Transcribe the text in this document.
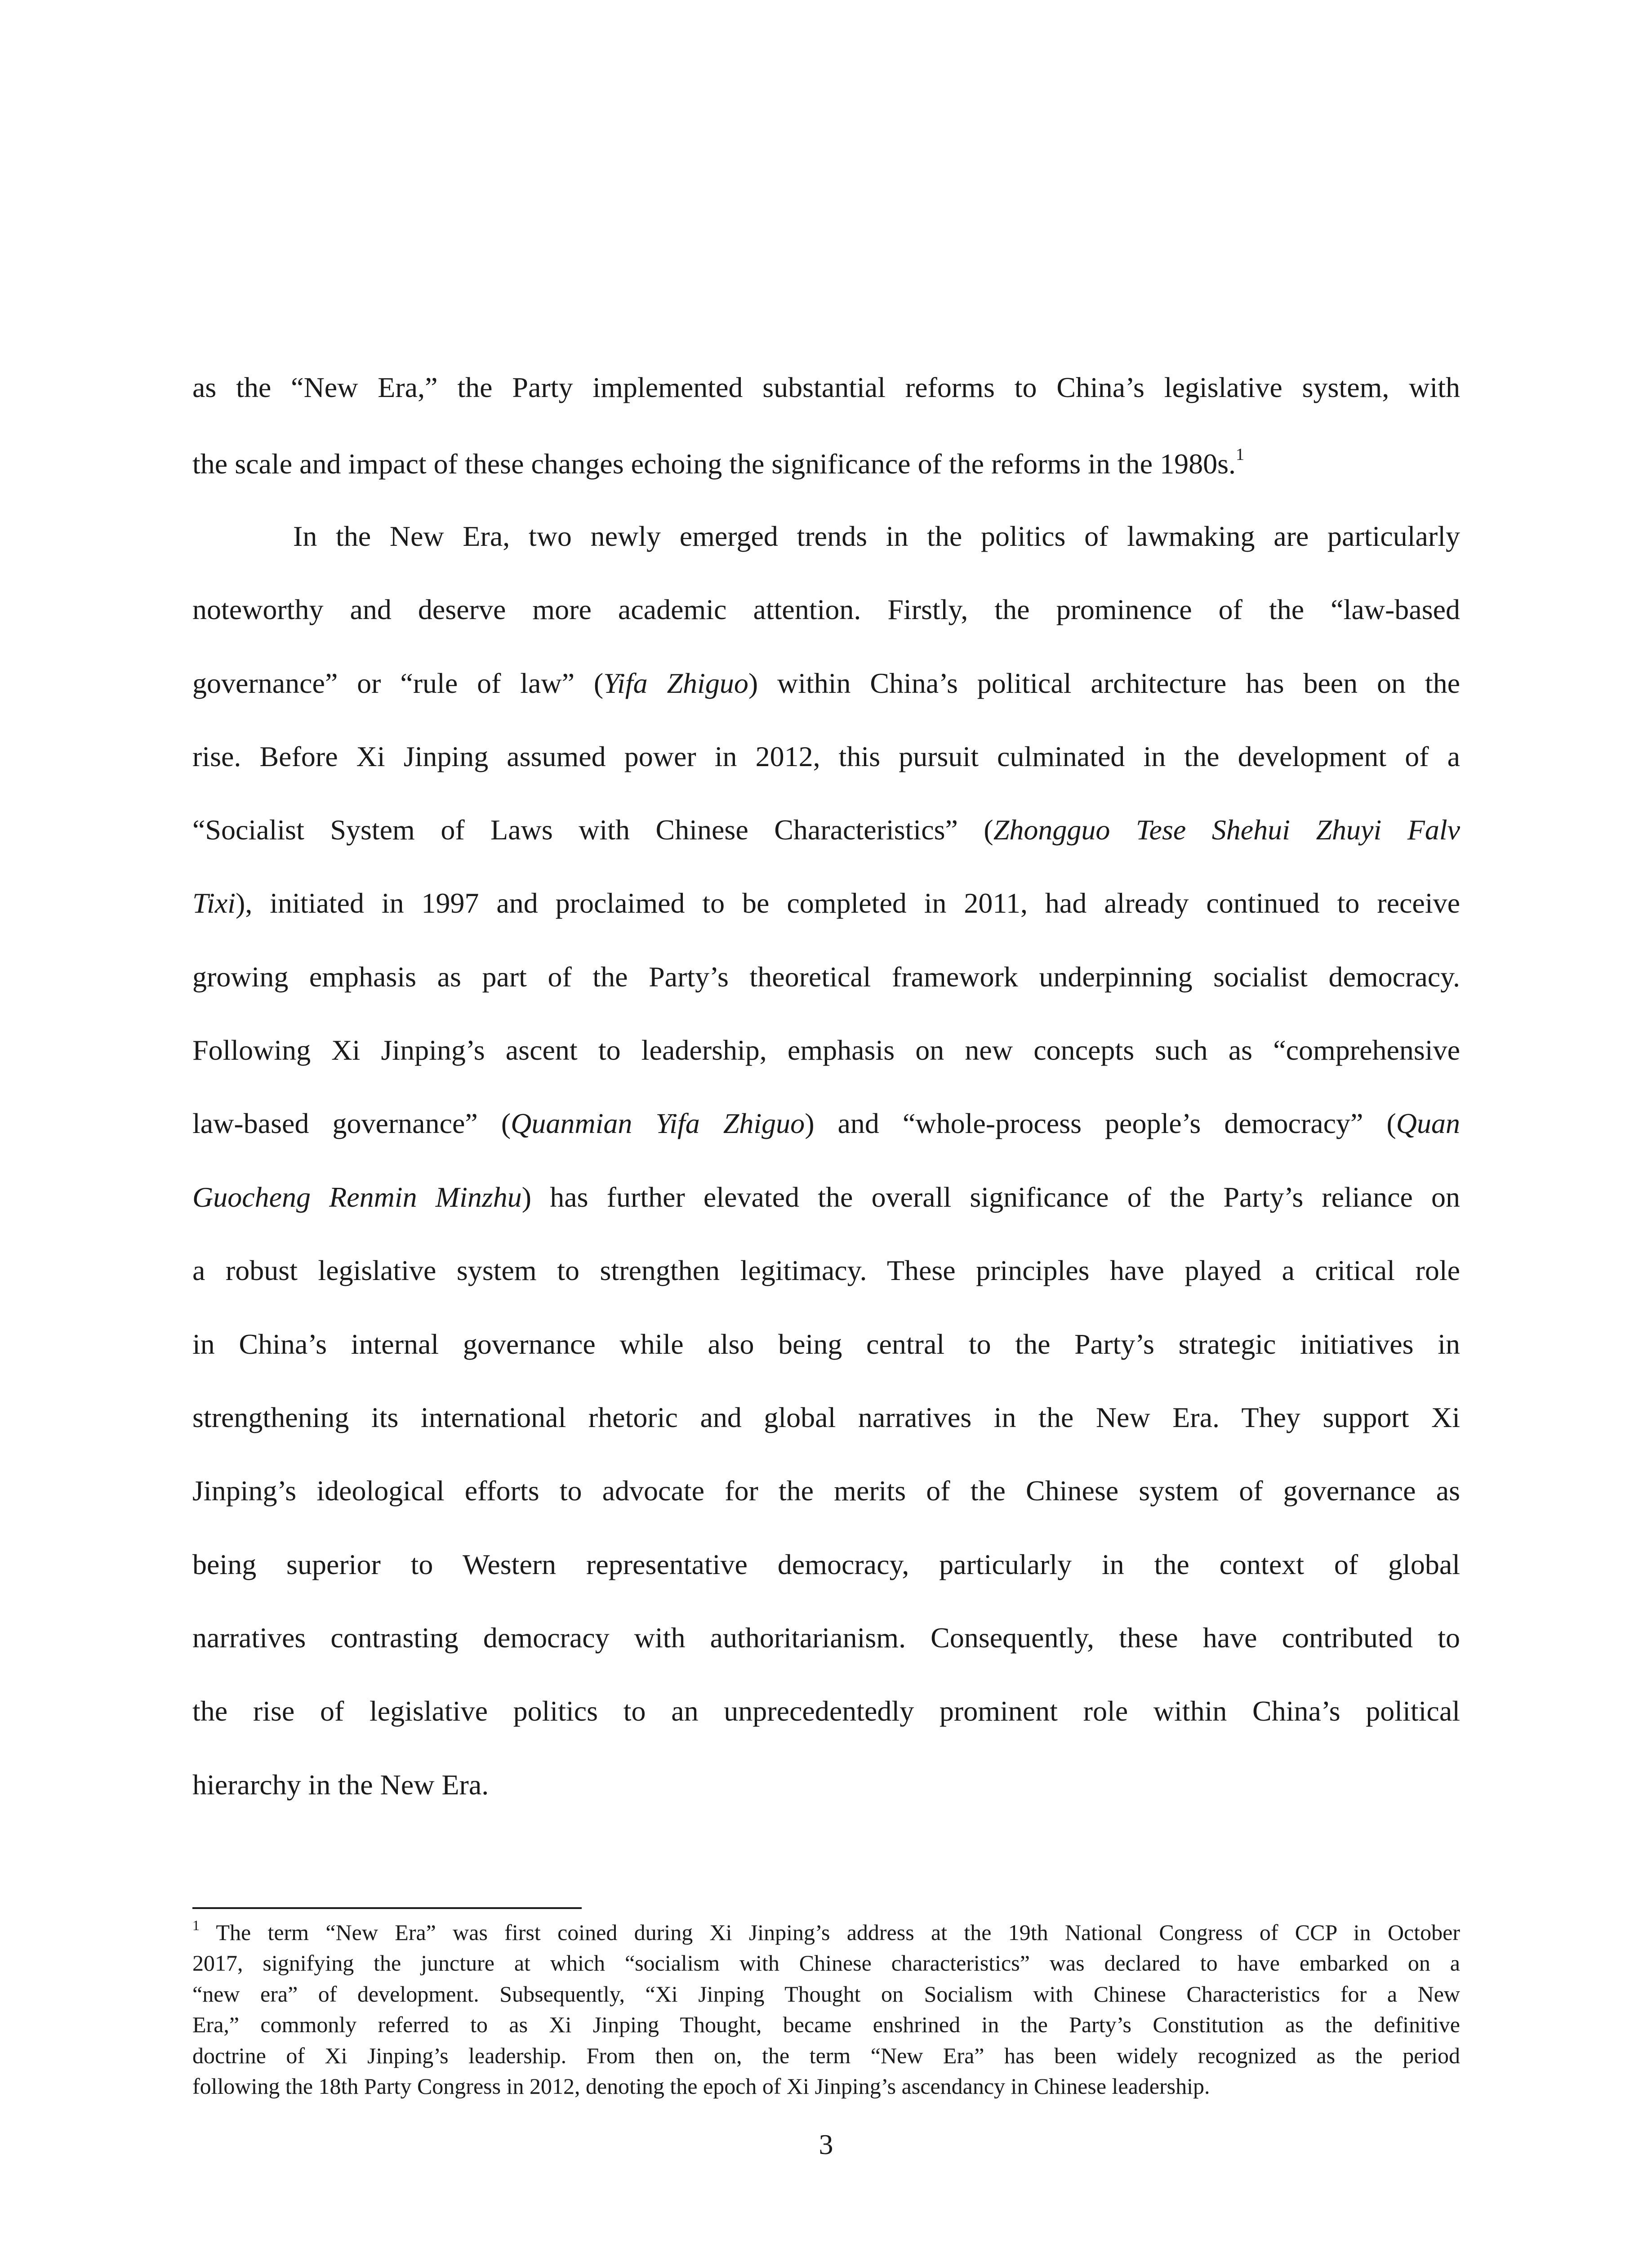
as the “New Era,” the Party implemented substantial reforms to China’s legislative system, with

the scale and impact of these changes echoing the significance of the reforms in the 1980s.$^1$

In the New Era, two newly emerged trends in the politics of lawmaking are particularly

noteworthy and deserve more academic attention. Firstly, the prominence of the “law-based

governance” or “rule of law” (Yifa Zhiguo) within China’s political architecture has been on the

rise. Before Xi Jinping assumed power in 2012, this pursuit culminated in the development of a

“Socialist System of Laws with Chinese Characteristics” (Zhongguo Tese Shehui Zhuyi Falv

Tixi), initiated in 1997 and proclaimed to be completed in 2011, had already continued to receive

growing emphasis as part of the Party’s theoretical framework underpinning socialist democracy.

Following Xi Jinping’s ascent to leadership, emphasis on new concepts such as “comprehensive

law-based governance” (Quanmian Yifa Zhiguo) and “whole-process people’s democracy” (Quan

Guocheng Renmin Minzhu) has further elevated the overall significance of the Party’s reliance on

a robust legislative system to strengthen legitimacy. These principles have played a critical role

in China’s internal governance while also being central to the Party’s strategic initiatives in

strengthening its international rhetoric and global narratives in the New Era. They support Xi

Jinping’s ideological efforts to advocate for the merits of the Chinese system of governance as

being superior to Western representative democracy, particularly in the context of global

narratives contrasting democracy with authoritarianism. Consequently, these have contributed to

the rise of legislative politics to an unprecedentedly prominent role within China’s political

hierarchy in the New Era.

$^1$ The term “New Era” was first coined during Xi Jinping’s address at the 19th National Congress of CCP in October

2017, signifying the juncture at which “socialism with Chinese characteristics” was declared to have embarked on a

“new era” of development. Subsequently, “Xi Jinping Thought on Socialism with Chinese Characteristics for a New

Era,” commonly referred to as Xi Jinping Thought, became enshrined in the Party’s Constitution as the definitive

doctrine of Xi Jinping’s leadership. From then on, the term “New Era” has been widely recognized as the period

following the 18th Party Congress in 2012, denoting the epoch of Xi Jinping’s ascendancy in Chinese leadership.

3
